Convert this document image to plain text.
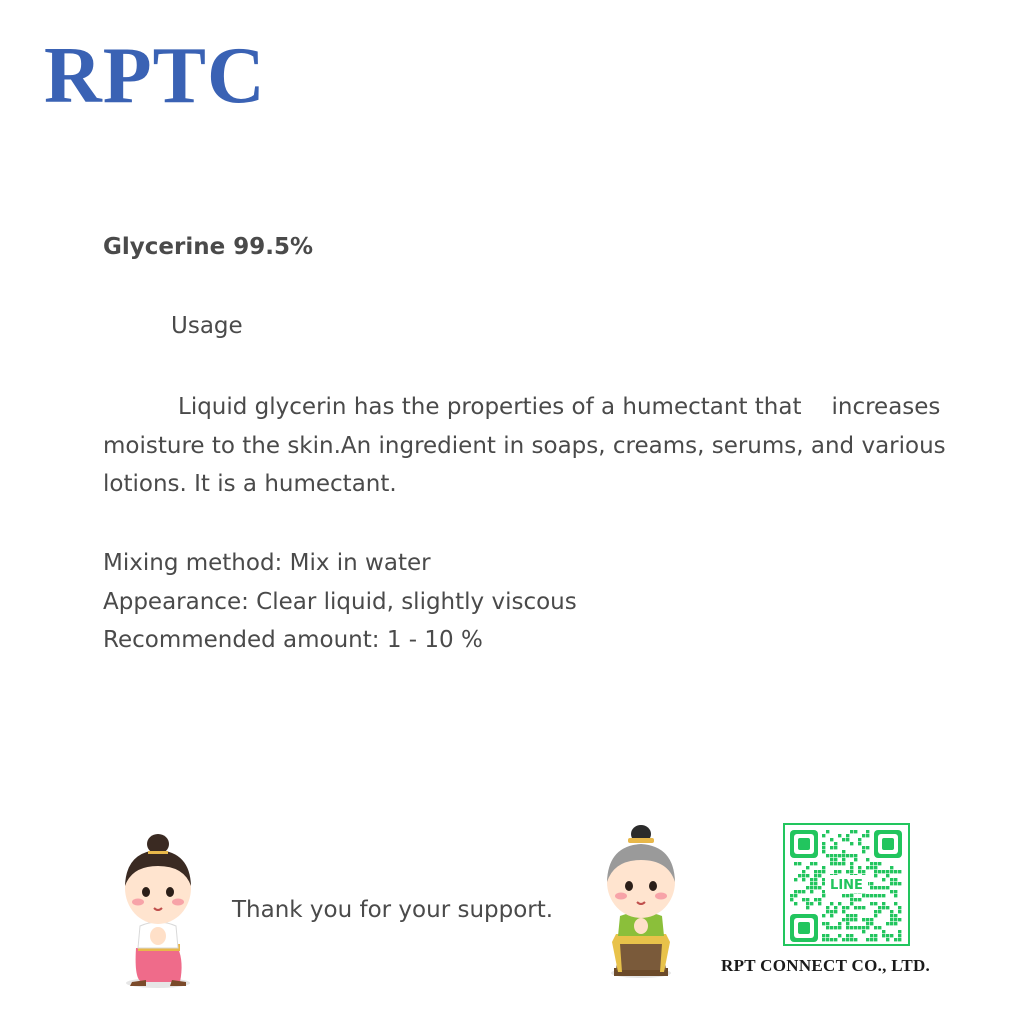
RPTC
Glycerine 99.5%
Usage

Liquid glycerin has the properties of a humectant that increases moisture to the skin.An ingredient in soaps, creams, serums, and various lotions. It is a humectant.

Mixing method: Mix in water
Appearance: Clear liquid, slightly viscous
Recommended amount: 1 - 10 %
Thank you for your support.
LINE
RPT CONNECT CO., LTD.
